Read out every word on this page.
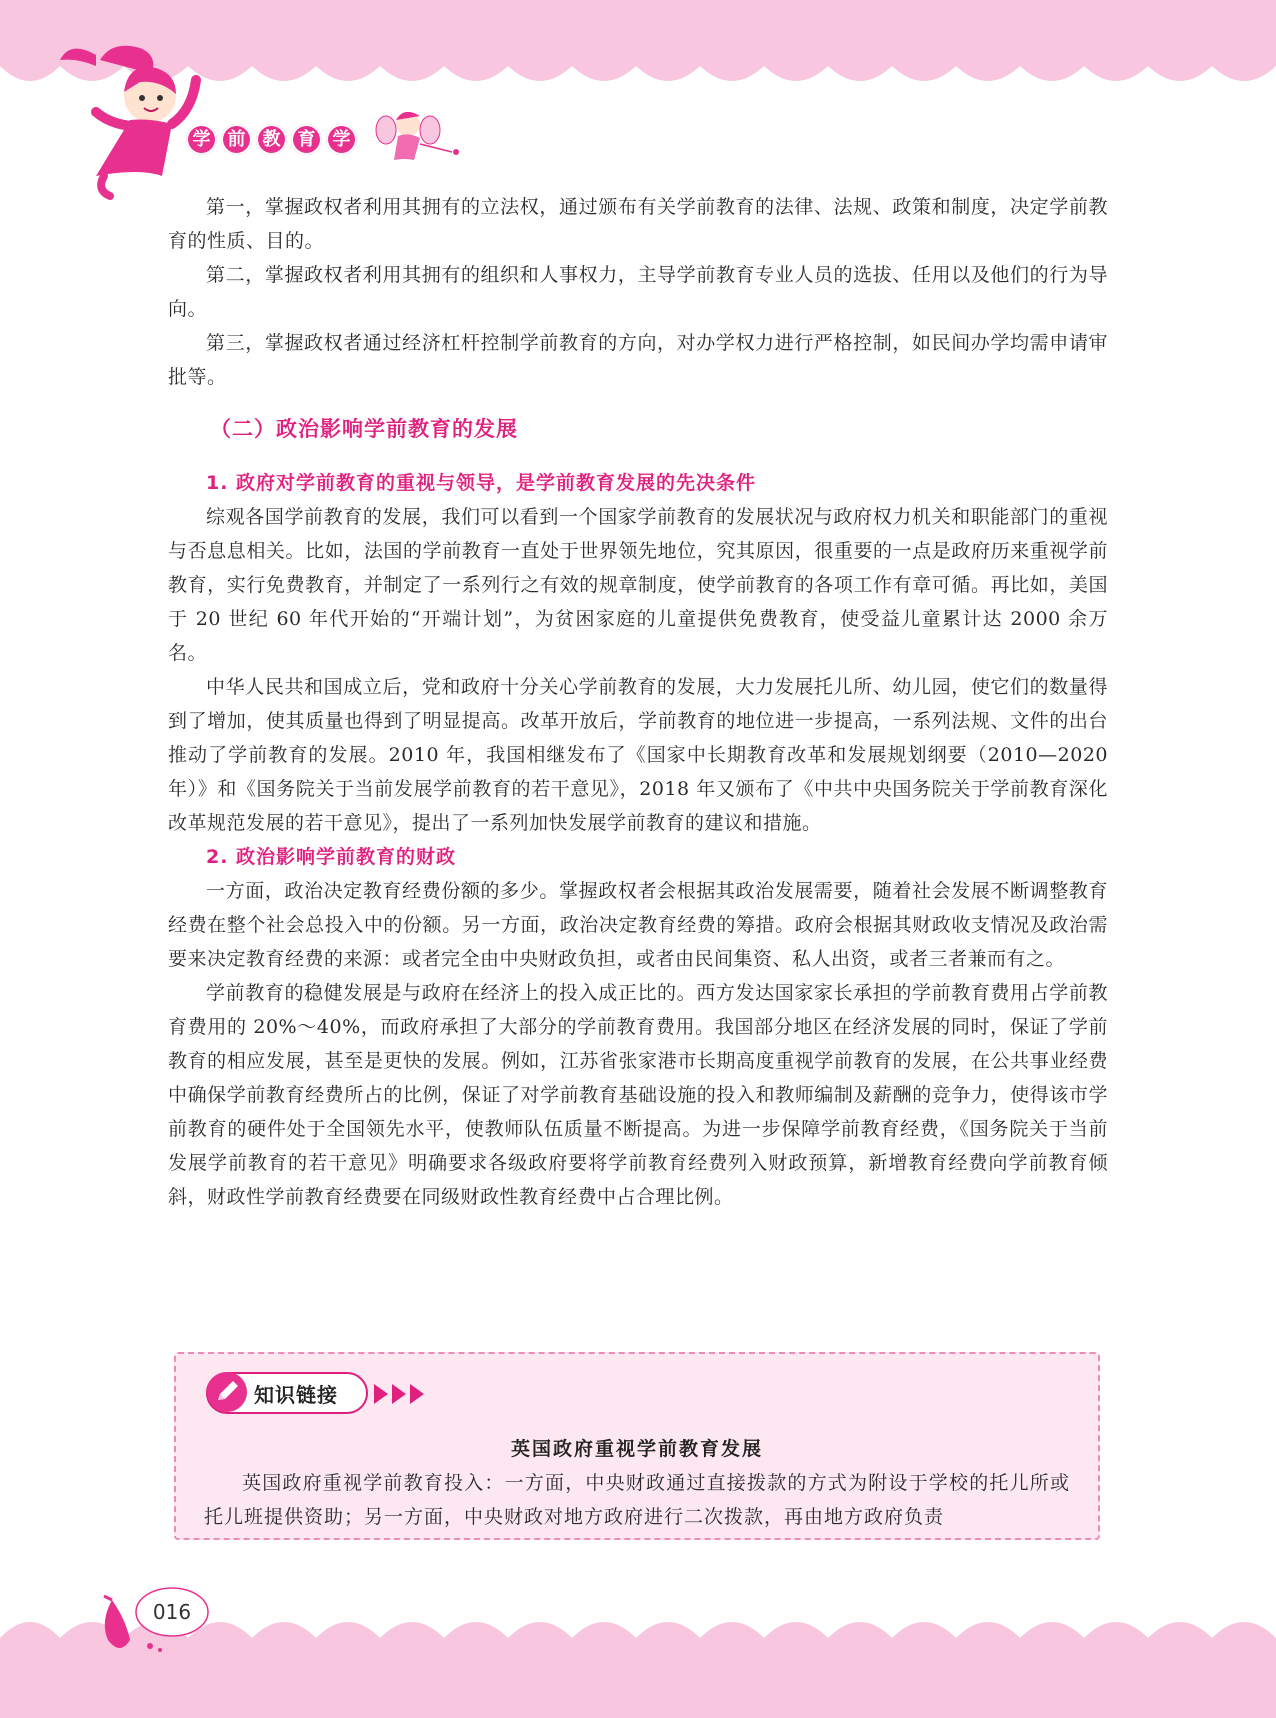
学 前 教 育 学

第一，掌握政权者利用其拥有的立法权，通过颁布有关学前教育的法律、法规、政策和制度，决定学前教育的性质、目的。

第二，掌握政权者利用其拥有的组织和人事权力，主导学前教育专业人员的选拔、任用以及他们的行为导向。

第三，掌握政权者通过经济杠杆控制学前教育的方向，对办学权力进行严格控制，如民间办学均需申请审批等。

（二）政治影响学前教育的发展

1. 政府对学前教育的重视与领导，是学前教育发展的先决条件

综观各国学前教育的发展，我们可以看到一个国家学前教育的发展状况与政府权力机关和职能部门的重视与否息息相关。比如，法国的学前教育一直处于世界领先地位，究其原因，很重要的一点是政府历来重视学前教育，实行免费教育，并制定了一系列行之有效的规章制度，使学前教育的各项工作有章可循。再比如，美国于 20 世纪 60 年代开始的“开端计划”，为贫困家庭的儿童提供免费教育，使受益儿童累计达 2000 余万名。

中华人民共和国成立后，党和政府十分关心学前教育的发展，大力发展托儿所、幼儿园，使它们的数量得到了增加，使其质量也得到了明显提高。改革开放后，学前教育的地位进一步提高，一系列法规、文件的出台推动了学前教育的发展。2010 年，我国相继发布了《国家中长期教育改革和发展规划纲要（2010—2020 年）》和《国务院关于当前发展学前教育的若干意见》，2018 年又颁布了《中共中央国务院关于学前教育深化改革规范发展的若干意见》，提出了一系列加快发展学前教育的建议和措施。

2. 政治影响学前教育的财政

一方面，政治决定教育经费份额的多少。掌握政权者会根据其政治发展需要，随着社会发展不断调整教育经费在整个社会总投入中的份额。另一方面，政治决定教育经费的筹措。政府会根据其财政收支情况及政治需要来决定教育经费的来源：或者完全由中央财政负担，或者由民间集资、私人出资，或者三者兼而有之。

学前教育的稳健发展是与政府在经济上的投入成正比的。西方发达国家家长承担的学前教育费用占学前教育费用的 20%～40%，而政府承担了大部分的学前教育费用。我国部分地区在经济发展的同时，保证了学前教育的相应发展，甚至是更快的发展。例如，江苏省张家港市长期高度重视学前教育的发展，在公共事业经费中确保学前教育经费所占的比例，保证了对学前教育基础设施的投入和教师编制及薪酬的竞争力，使得该市学前教育的硬件处于全国领先水平，使教师队伍质量不断提高。为进一步保障学前教育经费，《国务院关于当前发展学前教育的若干意见》明确要求各级政府要将学前教育经费列入财政预算，新增教育经费向学前教育倾斜，财政性学前教育经费要在同级财政性教育经费中占合理比例。

知识链接
英国政府重视学前教育发展

英国政府重视学前教育投入：一方面，中央财政通过直接拨款的方式为附设于学校的托儿所或托儿班提供资助；另一方面，中央财政对地方政府进行二次拨款，再由地方政府负责

016
